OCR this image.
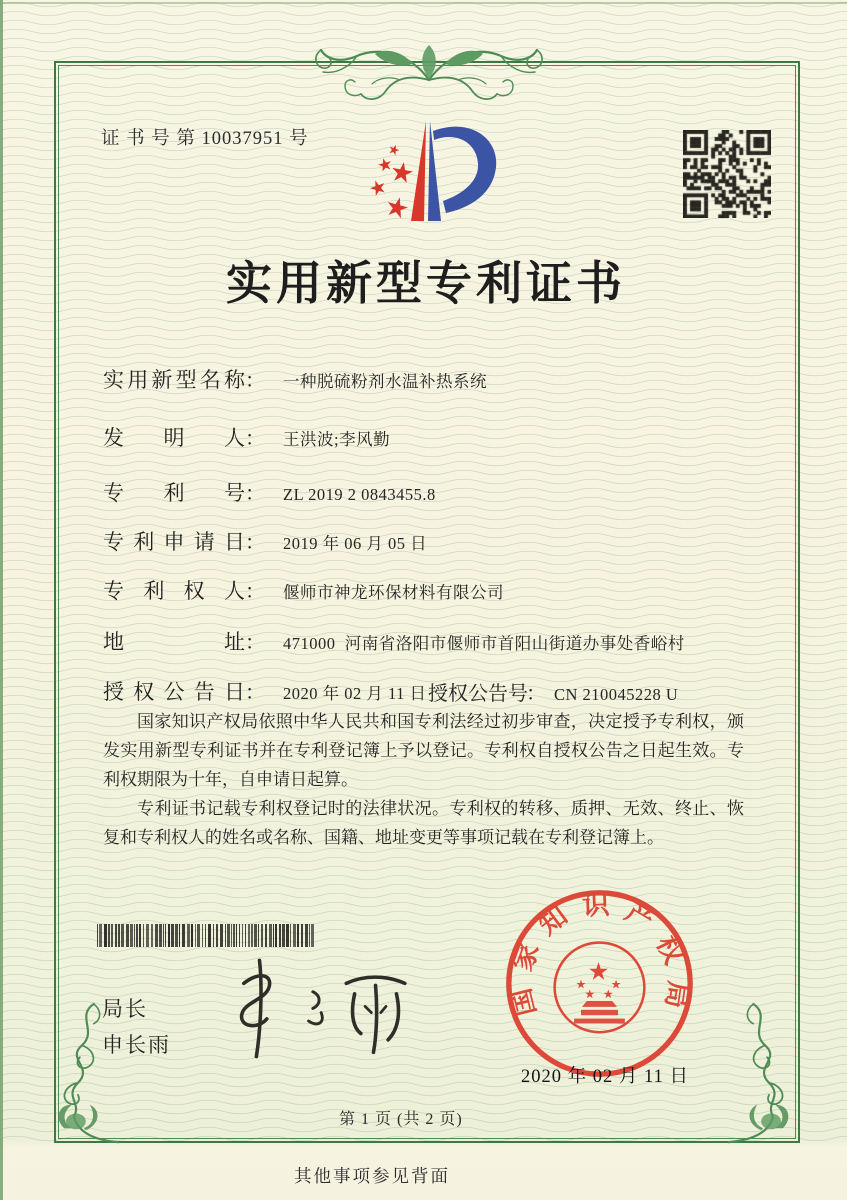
证 书 号 第 10037951 号
实用新型专利证书
实用新型名称： 一种脱硫粉剂水温补热系统
发明人： 王洪波;李风勤
专利号： ZL 2019 2 0843455.8
专利申请日： 2019 年 06 月 05 日
专利权人： 偃师市神龙环保材料有限公司
地址： 471000  河南省洛阳市偃师市首阳山街道办事处香峪村
授权公告日： 2020 年 02 月 11 日 授权公告号： CN 210045228 U

国家知识产权局依照中华人民共和国专利法经过初步审查，决定授予专利权，颁发实用新型专利证书并在专利登记簿上予以登记。专利权自授权公告之日起生效。专利权期限为十年，自申请日起算。

专利证书记载专利权登记时的法律状况。专利权的转移、质押、无效、终止、恢复和专利权人的姓名或名称、国籍、地址变更等事项记载在专利登记簿上。

局长
申长雨
国家知识产权局
2020 年 02 月 11 日
第 1 页 (共 2 页)
其他事项参见背面
